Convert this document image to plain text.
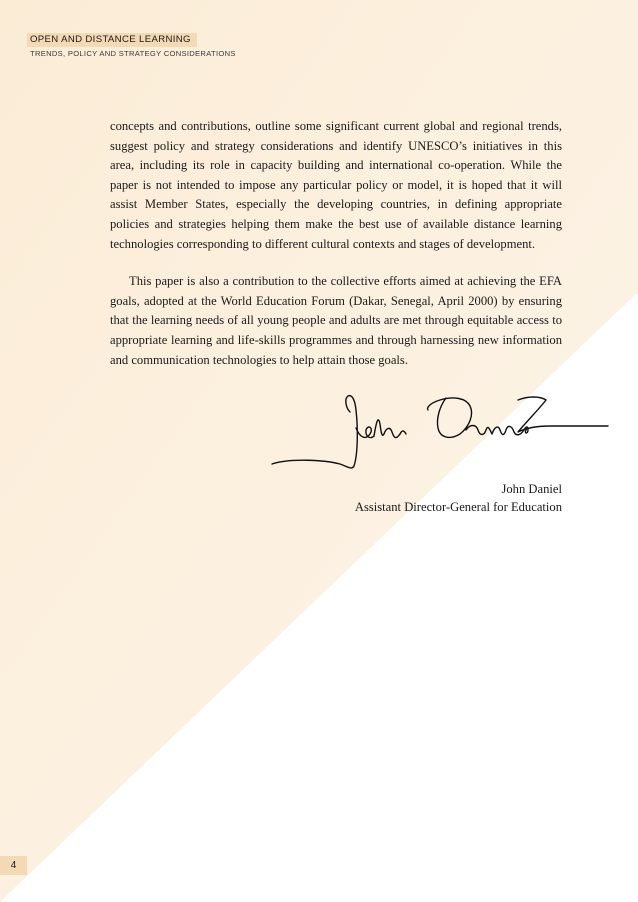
OPEN AND DISTANCE LEARNING
TRENDS, POLICY AND STRATEGY CONSIDERATIONS

concepts and contributions, outline some significant current global and regional trends, suggest policy and strategy considerations and identify UNESCO’s initiatives in this area, including its role in capacity building and international co-operation. While the paper is not intended to impose any particular policy or model, it is hoped that it will assist Member States, especially the developing countries, in defining appropriate policies and strategies helping them make the best use of available distance learning technologies corresponding to different cultural contexts and stages of development.

This paper is also a contribution to the collective efforts aimed at achieving the EFA goals, adopted at the World Education Forum (Dakar, Senegal, April 2000) by ensuring that the learning needs of all young people and adults are met through equitable access to appropriate learning and life-skills programmes and through harnessing new information and communication technologies to help attain those goals.

John Daniel
Assistant Director-General for Education
4
